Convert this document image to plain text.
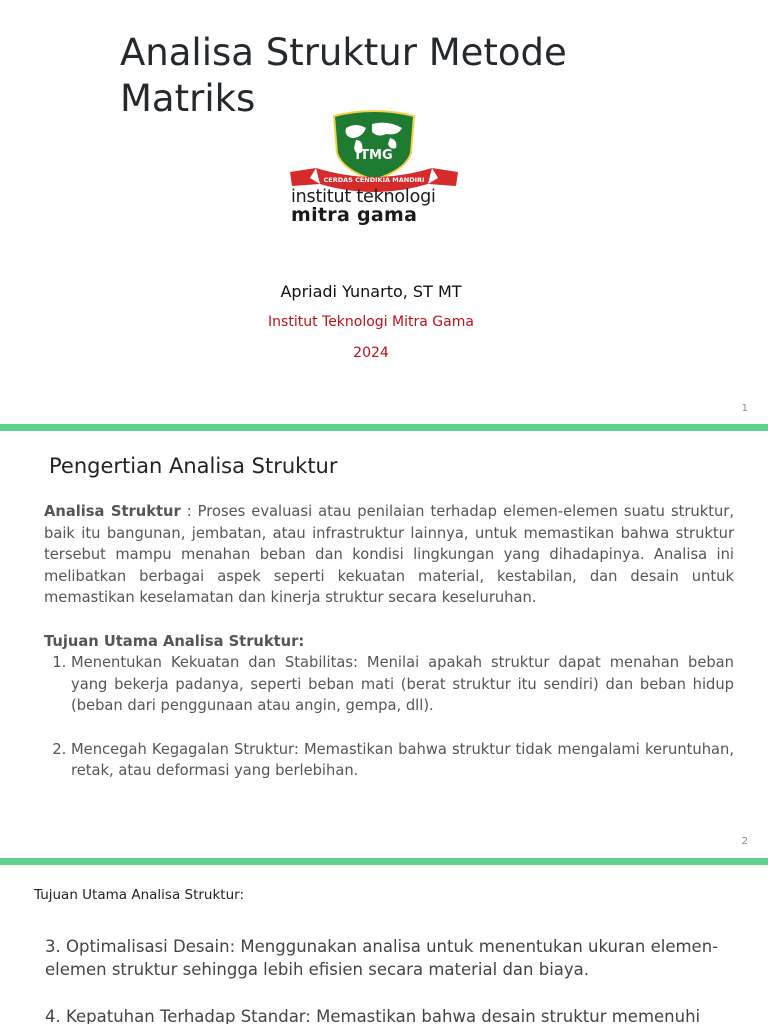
Analisa Struktur Metode Matriks
ITMG
CERDAS CENDIKIA MANDIRI
institut teknologi
mitra gama
Apriadi Yunarto, ST MT
Institut Teknologi Mitra Gama
2024
1
Pengertian Analisa Struktur

Analisa Struktur : Proses evaluasi atau penilaian terhadap elemen-elemen suatu struktur, baik itu bangunan, jembatan, atau infrastruktur lainnya, untuk memastikan bahwa struktur tersebut mampu menahan beban dan kondisi lingkungan yang dihadapinya. Analisa ini melibatkan berbagai aspek seperti kekuatan material, kestabilan, dan desain untuk memastikan keselamatan dan kinerja struktur secara keseluruhan.

Tujuan Utama Analisa Struktur:

1. Menentukan Kekuatan dan Stabilitas: Menilai apakah struktur dapat menahan beban yang bekerja padanya, seperti beban mati (berat struktur itu sendiri) dan beban hidup (beban dari penggunaan atau angin, gempa, dll).
2. Mencegah Kegagalan Struktur: Memastikan bahwa struktur tidak mengalami keruntuhan, retak, atau deformasi yang berlebihan.
2
Tujuan Utama Analisa Struktur:
3. Optimalisasi Desain: Menggunakan analisa untuk menentukan ukuran elemen-elemen struktur sehingga lebih efisien secara material dan biaya.
4. Kepatuhan Terhadap Standar: Memastikan bahwa desain struktur memenuhi
